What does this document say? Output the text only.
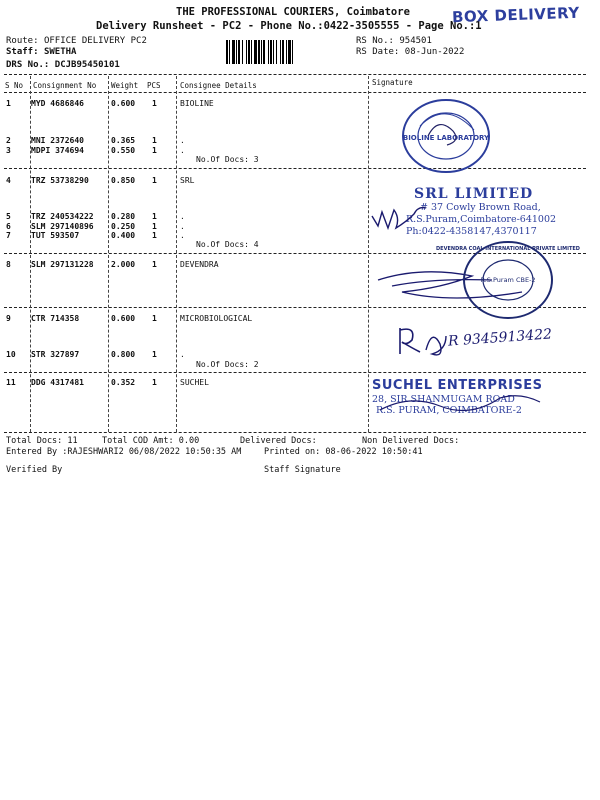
THE PROFESSIONAL COURIERS, Coimbatore
Delivery Runsheet - PC2 - Phone No.:0422-3505555 - Page No.:1
BOX DELIVERY
Route: OFFICE DELIVERY PC2
Staff: SWETHA
DRS No.: DCJB95450101
RS No.: 954501
RS Date: 08-Jun-2022
S No Consignment No Weight PCS	Consignee Details	Signature
1	MYD 4686846	0.600 1	BIOLINE
2	MNI 2372640	0.365 1	.
3	MDPI 374694	0.550 1	.
No.Of Docs: 3
4	TRZ 53738290	0.850 1	SRL
5	TRZ 240534222 0.280 1	.
6	SLM 297140896 0.250 1	.
7	TUT 593507	0.400 1	.
No.Of Docs: 4
8	SLM 297131228 2.000 1	DEVENDRA
9	CTR 714358	0.600 1	MICROBIOLOGICAL
10 STR 327897	0.800 1	.
No.Of Docs: 2
11 DDG 4317481	0.352 1	SUCHEL
BIOLINE LABORATORY
SRL LIMITED
# 37 Cowly Brown Road,
R.S.Puram,Coimbatore-641002
Ph:0422-4358147,4370117
DEVENDRA COAL INTERNATIONAL PRIVATE LIMITED
R.S.Puram CBE-2
R 9345913422
SUCHEL ENTERPRISES
28, SIR SHANMUGAM ROAD
R.S. PURAM, COIMBATORE-2
Total Docs: 11	Total COD Amt: 0.00	Delivered Docs:	Non Delivered Docs:
Entered By :RAJESHWARI2 06/08/2022 10:50:35 AM	Printed on: 08-06-2022 10:50:41
Verified By	Staff Signature
